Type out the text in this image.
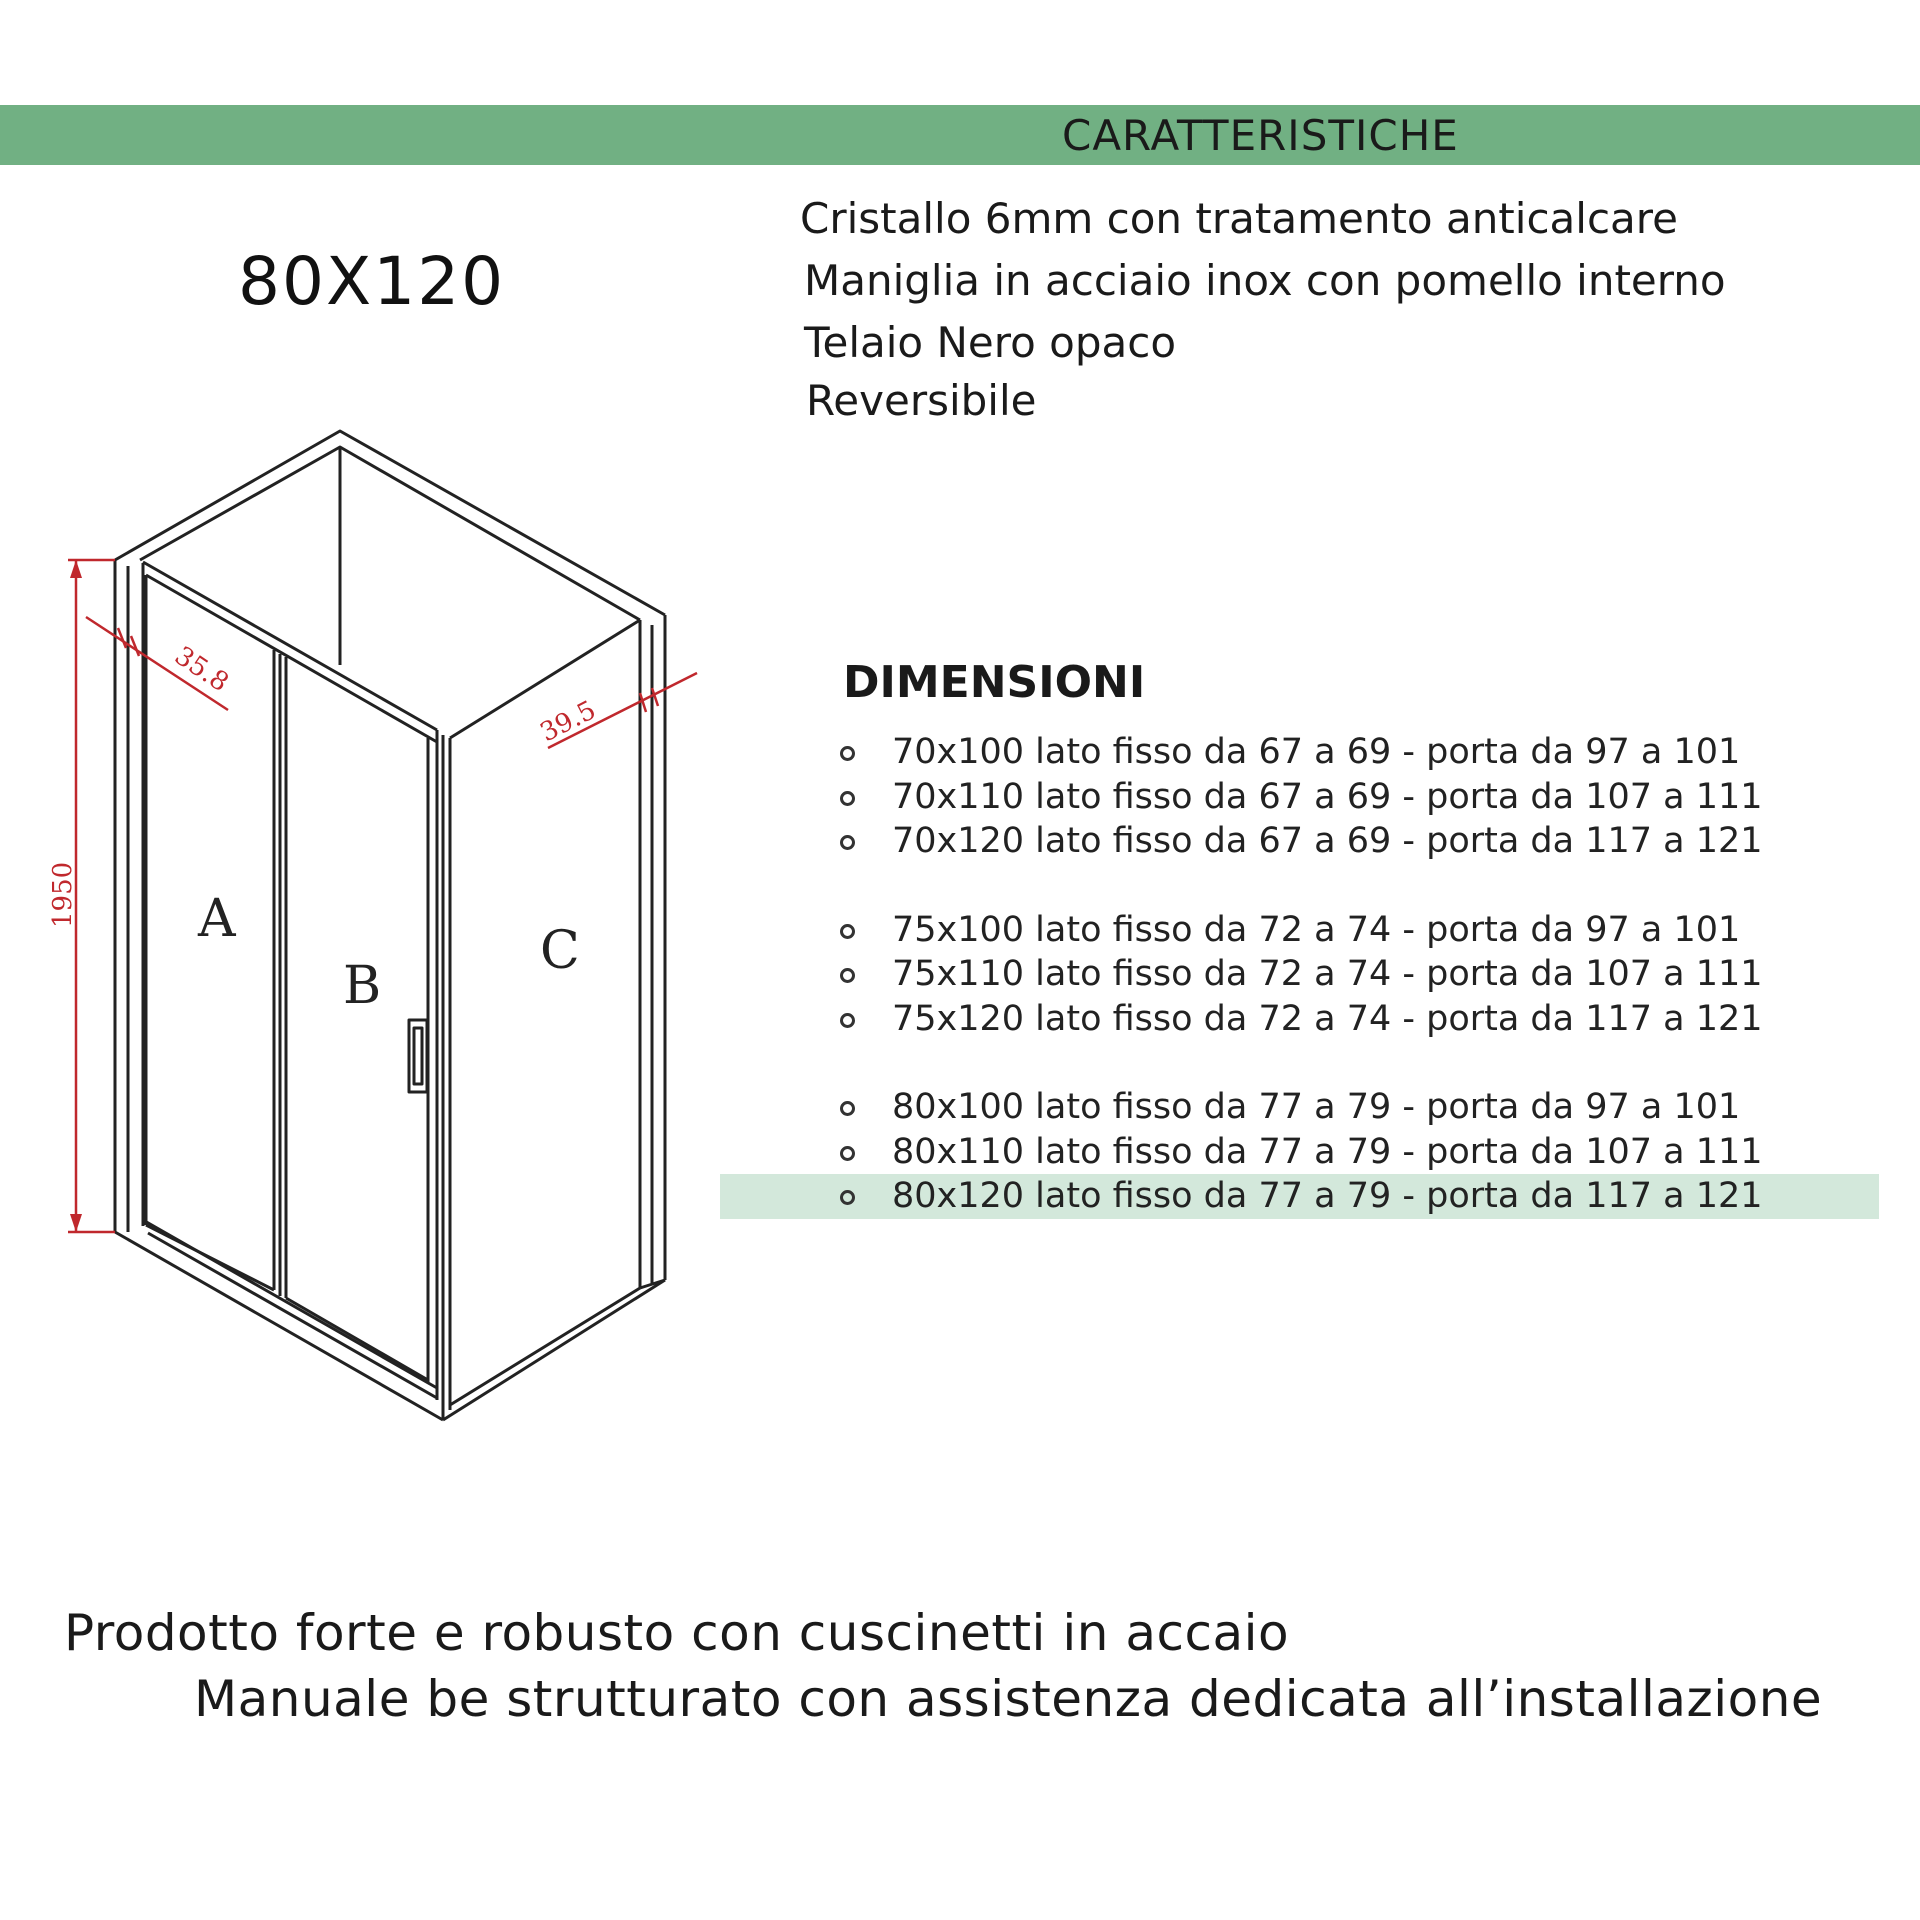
CARATTERISTICHE
80X120
Cristallo 6mm con tratamento anticalcare
Maniglia in acciaio inox con pomello interno
Telaio Nero opaco
Reversibile
A
B
C
1950
35.8
39.5
DIMENSIONI
70x100 lato fisso da 67 a 69 - porta da 97 a 101
70x110 lato fisso da 67 a 69 - porta da 107 a 111
70x120 lato fisso da 67 a 69 - porta da 117 a 121
75x100 lato fisso da 72 a 74 - porta da 97 a 101
75x110 lato fisso da 72 a 74 - porta da 107 a 111
75x120 lato fisso da 72 a 74 - porta da 117 a 121
80x100 lato fisso da 77 a 79 - porta da 97 a 101
80x110 lato fisso da 77 a 79 - porta da 107 a 111
80x120 lato fisso da 77 a 79 - porta da 117 a 121
Prodotto forte e robusto con cuscinetti in accaio
Manuale be strutturato con assistenza dedicata all’installazione
